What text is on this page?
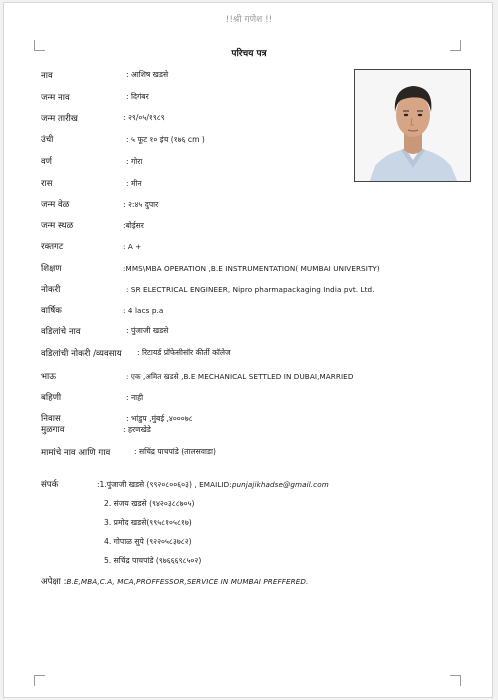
!!श्री गणेश !!
परिचय पत्र
नाव	: आशिष खडसे
जन्म नाव	: दिगंबर
जन्म तारीख	: २९/०५/१९८९
उंची	: ५ फूट १० इंच (१७६ cm )
वर्ण	: गोरा
रास	: मीन
जन्म वेळ	: २:४५ दुपार
जन्म स्थळ	:बोईसर
रक्तगट	: A +
शिक्षण	:MMS\MBA OPERATION ,B.E INSTRUMENTATION( MUMBAI UNIVERSITY)
नोकरी	: SR ELECTRICAL ENGINEER, Nipro pharmapackaging India pvt. Ltd.
वार्षिक	: 4 lacs p.a
वडिलांचे नाव	: पुंजाजी खडसे
वडिलांची नोकरी /व्यवसाय : रिटायर्ड प्रॉफेसीसॉर कीर्ती कॉलेज
भाऊ	: एक ,अमित खडसे ,B.E MECHANICAL SETTLED IN DUBAI,MARRIED
बहिणी	: नाही
निवास	: भांडुप ,मुंबई ,४०००७८
मुळगाव	: हरणखेडे
मामांचे नाव आणि गाव	: सचिंद्र पाचपांडे (तालसवाडा)
संपर्क	:1.पुंजाजी खडसे (९९२०८००६०३) , EMAILID:punjajikhadse@gmail.com
2. संजय खडसे (९४२०३८८७०५)
3. प्रमोद खडसे(९९५८१०५८१७)
4. गोपाळ सुपे (९२२०५८३७८२)
5. सचिंद्र पाचपांडे (९७६६६९८५०२)
अपेक्षा :B.E,MBA,C.A, MCA,PROFFESSOR,SERVICE IN MUMBAI PREFFERED.
